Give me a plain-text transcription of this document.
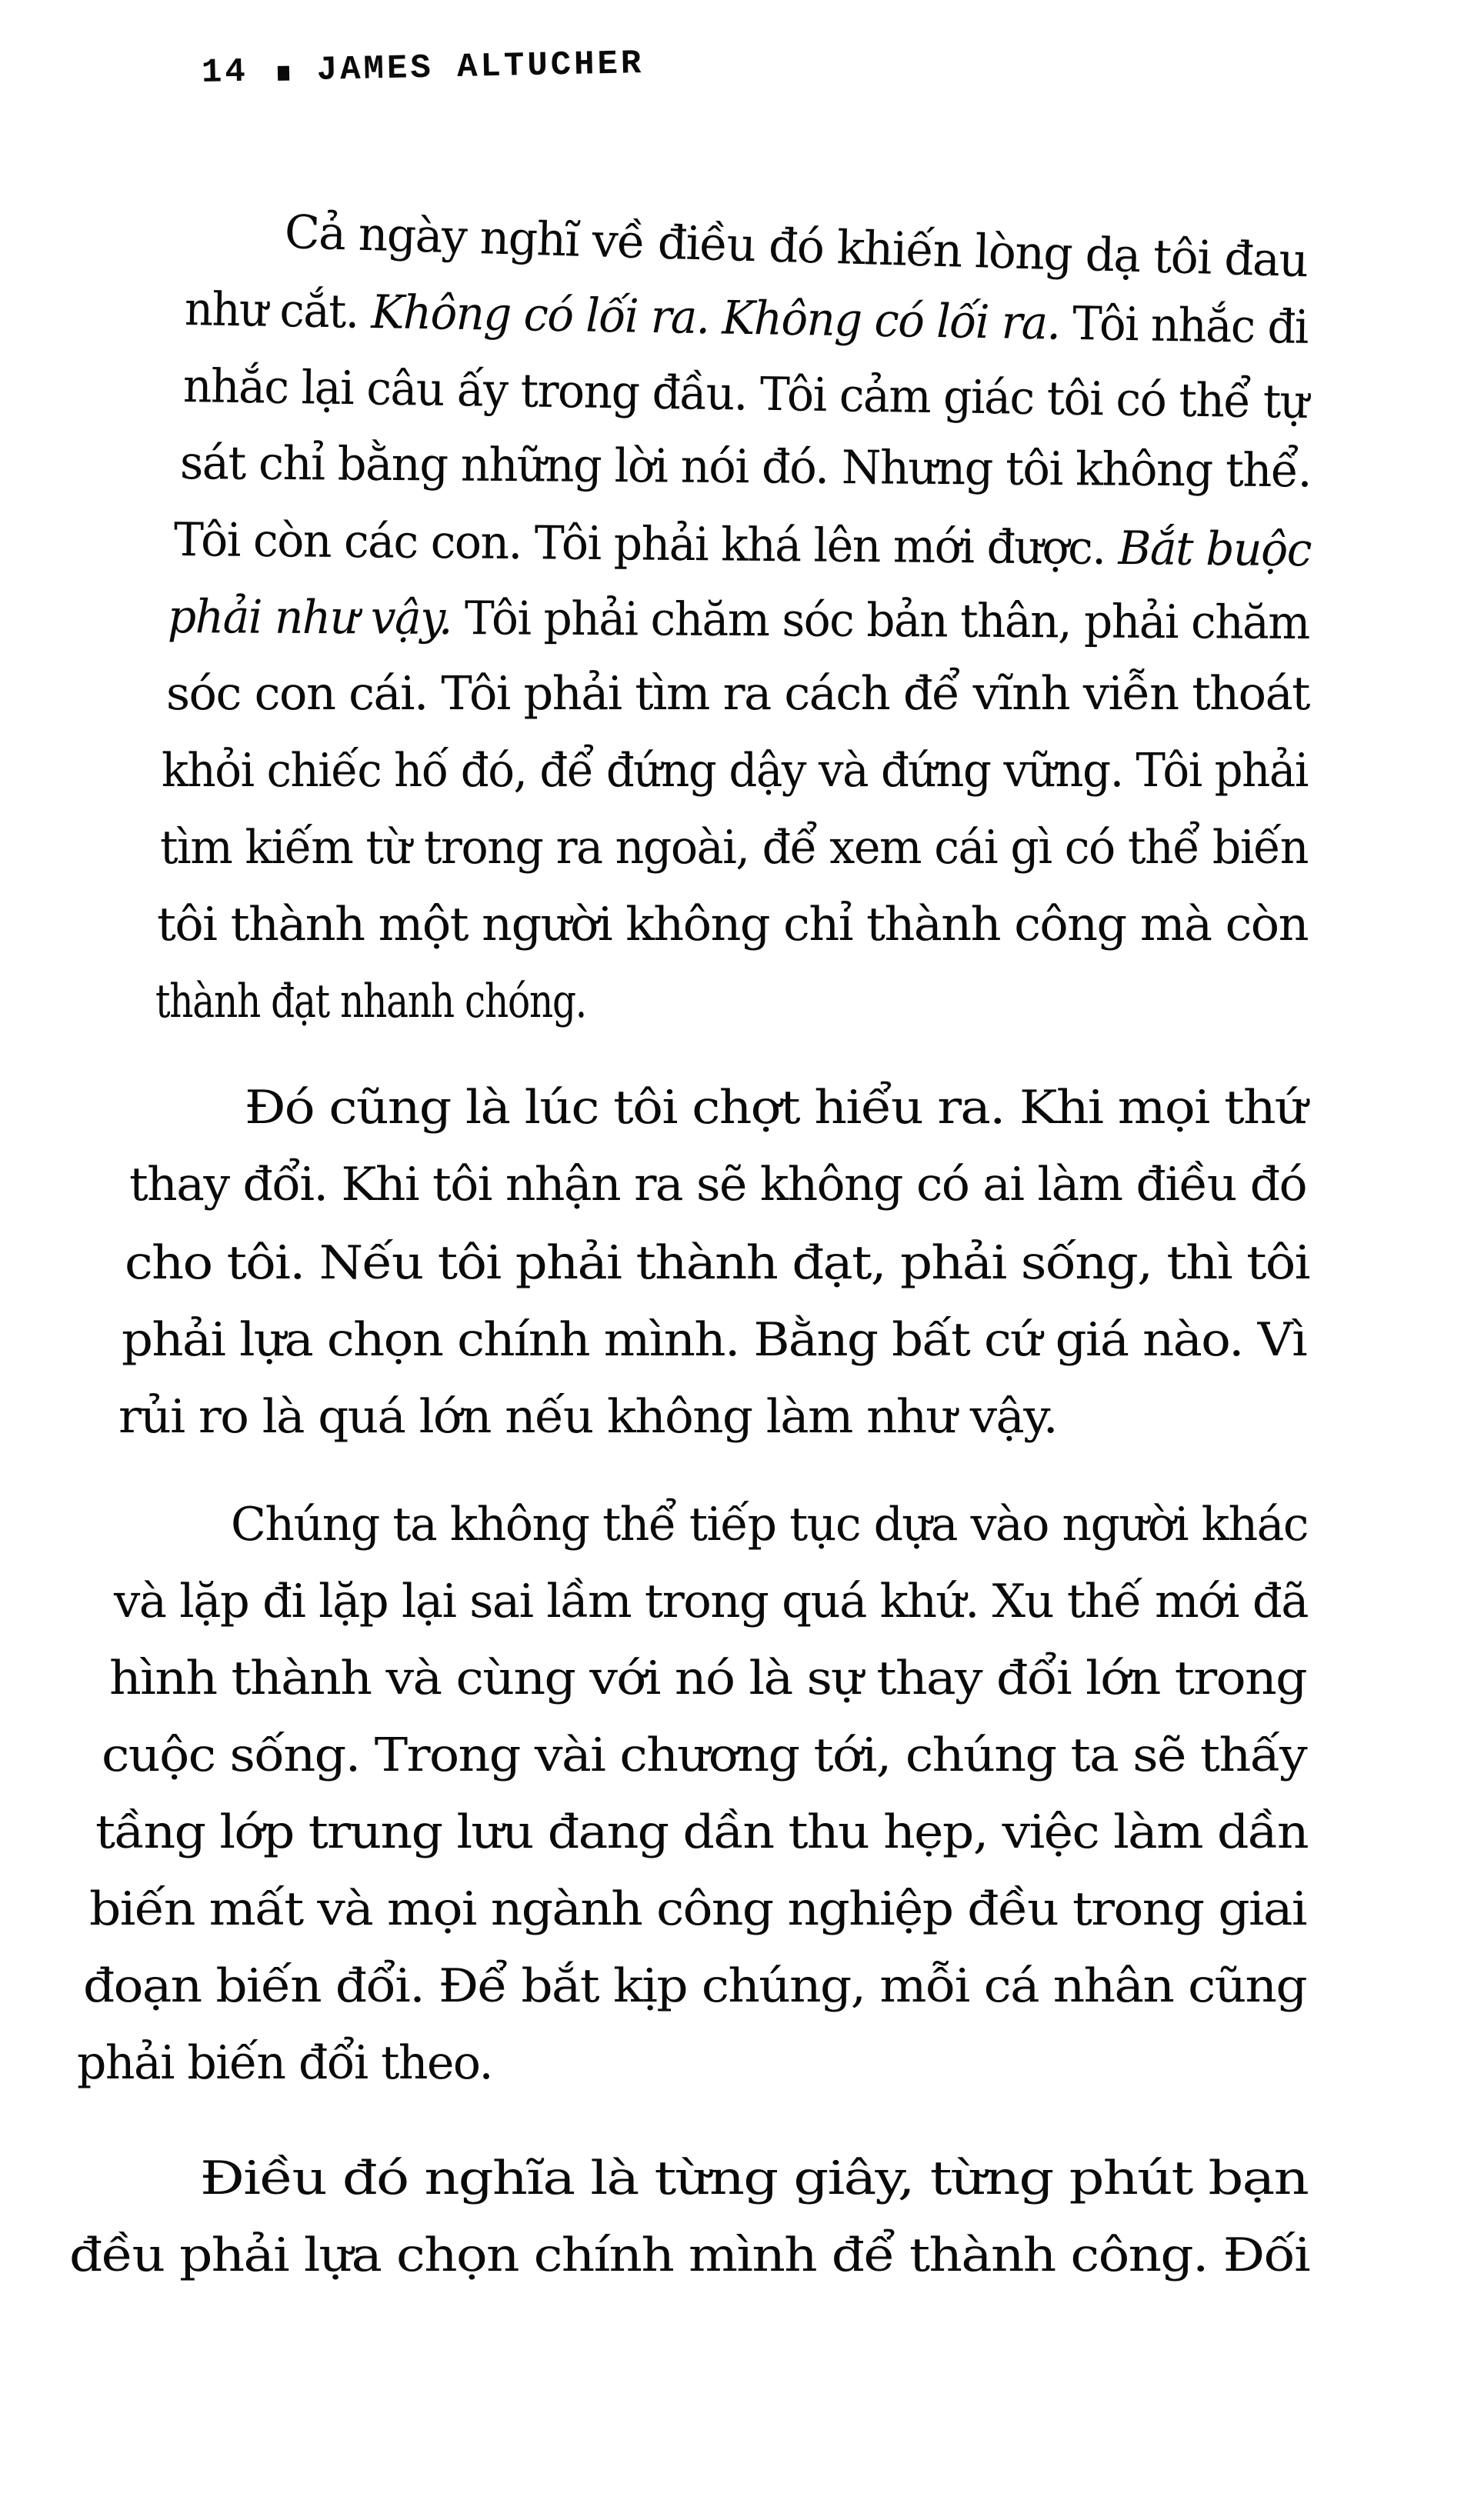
14 JAMES ALTUCHER
Cả ngày nghĩ về điều đó khiến lòng dạ tôi đau
như cắt. Không có lối ra. Không có lối ra. Tôi nhắc đi
nhắc lại câu ấy trong đầu. Tôi cảm giác tôi có thể tự
sát chỉ bằng những lời nói đó. Nhưng tôi không thể.
Tôi còn các con. Tôi phải khá lên mới được. Bắt buộc
phải như vậy. Tôi phải chăm sóc bản thân, phải chăm
sóc con cái. Tôi phải tìm ra cách để vĩnh viễn thoát
khỏi chiếc hố đó, để đứng dậy và đứng vững. Tôi phải
tìm kiếm từ trong ra ngoài, để xem cái gì có thể biến
tôi thành một người không chỉ thành công mà còn
thành đạt nhanh chóng.
Đó cũng là lúc tôi chợt hiểu ra. Khi mọi thứ
thay đổi. Khi tôi nhận ra sẽ không có ai làm điều đó
cho tôi. Nếu tôi phải thành đạt, phải sống, thì tôi
phải lựa chọn chính mình. Bằng bất cứ giá nào. Vì
rủi ro là quá lớn nếu không làm như vậy.
Chúng ta không thể tiếp tục dựa vào người khác
và lặp đi lặp lại sai lầm trong quá khứ. Xu thế mới đã
hình thành và cùng với nó là sự thay đổi lớn trong
cuộc sống. Trong vài chương tới, chúng ta sẽ thấy
tầng lớp trung lưu đang dần thu hẹp, việc làm dần
biến mất và mọi ngành công nghiệp đều trong giai
đoạn biến đổi. Để bắt kịp chúng, mỗi cá nhân cũng
phải biến đổi theo.
Điều đó nghĩa là từng giây, từng phút bạn
đều phải lựa chọn chính mình để thành công. Đối
